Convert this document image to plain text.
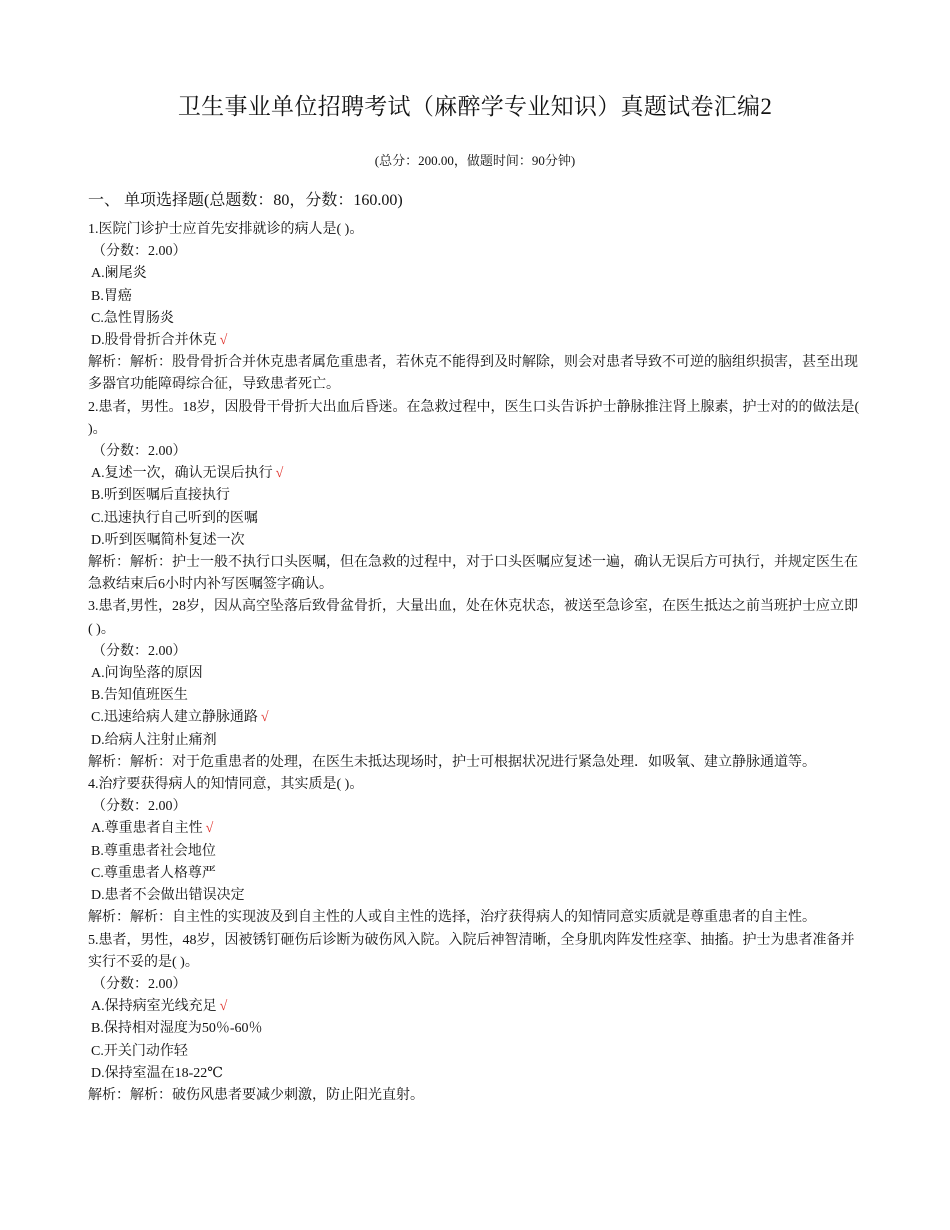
卫生事业单位招聘考试（麻醉学专业知识）真题试卷汇编2
(总分：200.00，做题时间：90分钟)
一、 单项选择题(总题数：80，分数：160.00)
1.医院门诊护士应首先安排就诊的病人是( )。
（分数：2.00）
A.阑尾炎
B.胃癌
C.急性胃肠炎
D.股骨骨折合并休克 √
解析：解析：股骨骨折合并休克患者属危重患者，若休克不能得到及时解除，则会对患者导致不可逆的脑组织损害，甚至出现多器官功能障碍综合征，导致患者死亡。
2.患者，男性。18岁，因股骨干骨折大出血后昏迷。在急救过程中，医生口头告诉护士静脉推注肾上腺素，护士对的的做法是( )。
（分数：2.00）
A.复述一次，确认无误后执行 √
B.听到医嘱后直接执行
C.迅速执行自己听到的医嘱
D.听到医嘱简朴复述一次
解析：解析：护士一般不执行口头医嘱，但在急救的过程中，对于口头医嘱应复述一遍，确认无误后方可执行，并规定医生在急救结束后6小时内补写医嘱签字确认。
3.患者,男性，28岁，因从高空坠落后致骨盆骨折，大量出血，处在休克状态，被送至急诊室，在医生抵达之前当班护士应立即( )。
（分数：2.00）
A.问询坠落的原因
B.告知值班医生
C.迅速给病人建立静脉通路 √
D.给病人注射止痛剂
解析：解析：对于危重患者的处理，在医生未抵达现场时，护士可根据状况进行紧急处理．如吸氧、建立静脉通道等。
4.治疗要获得病人的知情同意，其实质是( )。
（分数：2.00）
A.尊重患者自主性 √
B.尊重患者社会地位
C.尊重患者人格尊严
D.患者不会做出错误决定
解析：解析：自主性的实现波及到自主性的人或自主性的选择，治疗获得病人的知情同意实质就是尊重患者的自主性。
5.患者，男性，48岁，因被锈钉砸伤后诊断为破伤风入院。入院后神智清晰，全身肌肉阵发性痉挛、抽搐。护士为患者准备并实行不妥的是( )。
（分数：2.00）
A.保持病室光线充足 √
B.保持相对湿度为50％-60％
C.开关门动作轻
D.保持室温在18-22℃
解析：解析：破伤风患者要减少刺激，防止阳光直射。
